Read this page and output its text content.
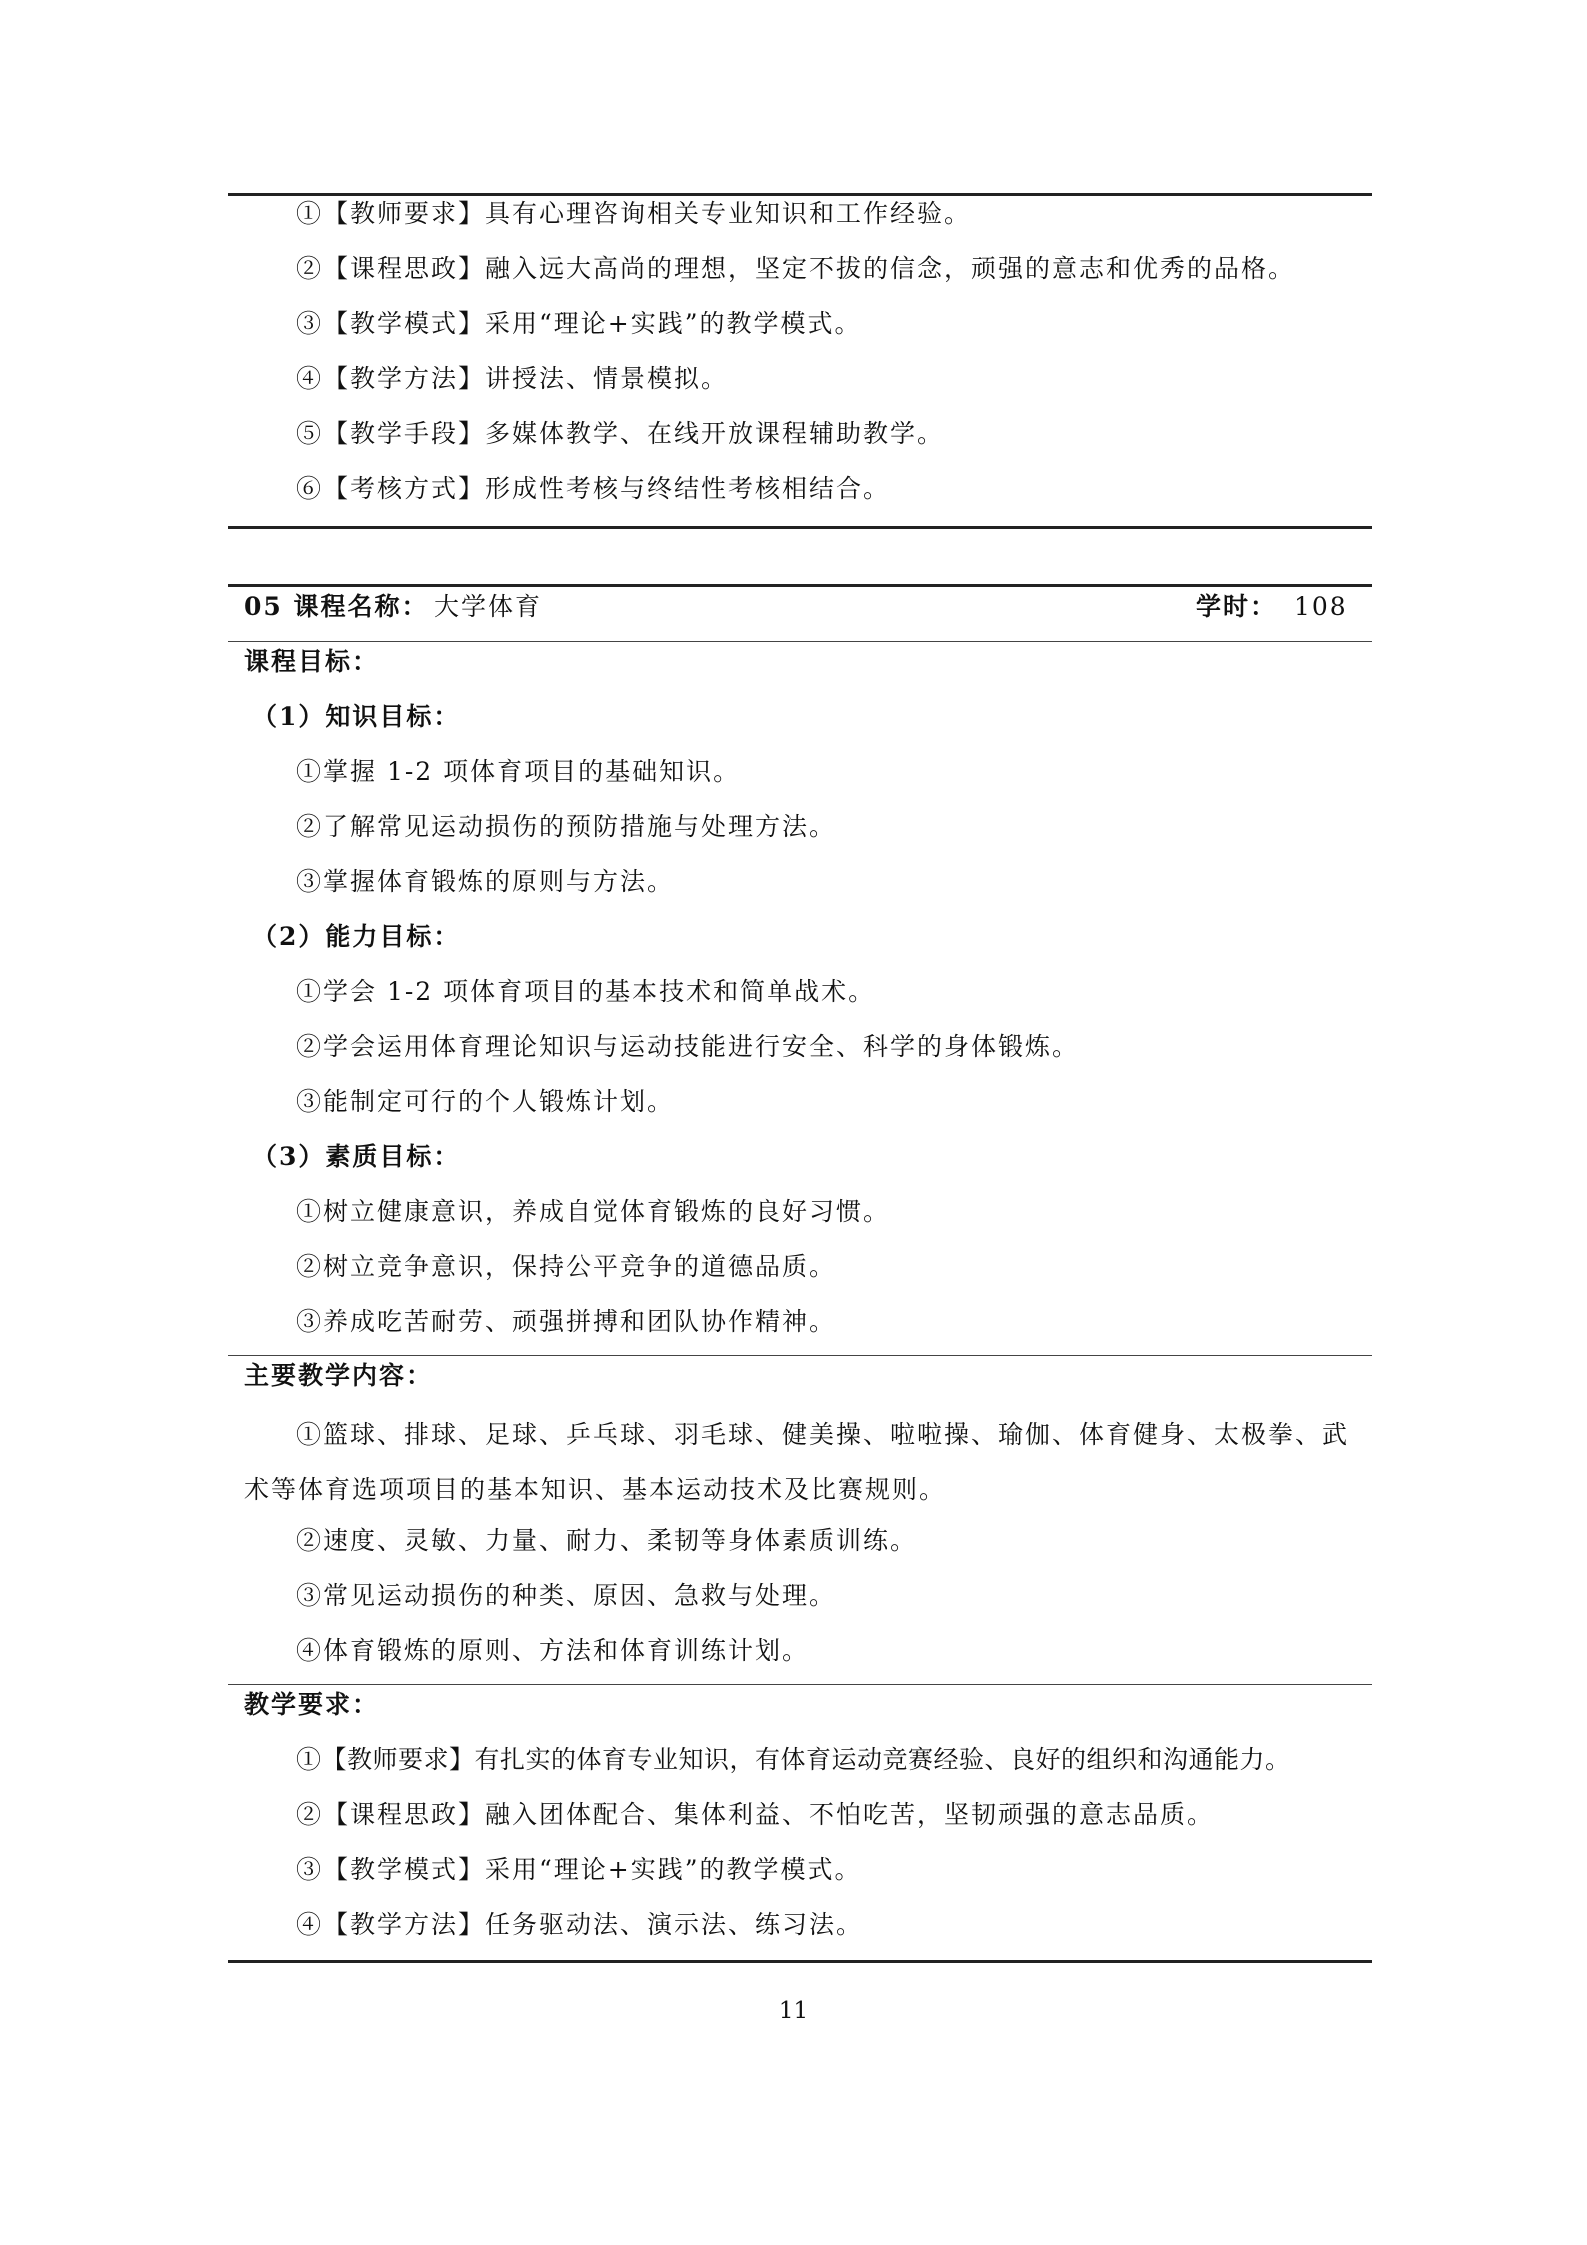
①【教师要求】具有心理咨询相关专业知识和工作经验。
②【课程思政】融入远大高尚的理想，坚定不拔的信念，顽强的意志和优秀的品格。
③【教学模式】采用“理论+实践”的教学模式。
④【教学方法】讲授法、情景模拟。
⑤【教学手段】多媒体教学、在线开放课程辅助教学。
⑥【考核方式】形成性考核与终结性考核相结合。
05 课程名称： 大学体育	学时： 108
课程目标：
（1）知识目标：
①掌握 1-2 项体育项目的基础知识。
②了解常见运动损伤的预防措施与处理方法。
③掌握体育锻炼的原则与方法。
（2）能力目标：
①学会 1-2 项体育项目的基本技术和简单战术。
②学会运用体育理论知识与运动技能进行安全、科学的身体锻炼。
③能制定可行的个人锻炼计划。
（3）素质目标：
①树立健康意识，养成自觉体育锻炼的良好习惯。
②树立竞争意识，保持公平竞争的道德品质。
③养成吃苦耐劳、顽强拼搏和团队协作精神。
主要教学内容：
①篮球、排球、足球、乒乓球、羽毛球、健美操、啦啦操、瑜伽、体育健身、太极拳、武术等体育选项项目的基本知识、基本运动技术及比赛规则。
②速度、灵敏、力量、耐力、柔韧等身体素质训练。
③常见运动损伤的种类、原因、急救与处理。
④体育锻炼的原则、方法和体育训练计划。
教学要求：
①【教师要求】有扎实的体育专业知识，有体育运动竞赛经验、良好的组织和沟通能力。
②【课程思政】融入团体配合、集体利益、不怕吃苦，坚韧顽强的意志品质。
③【教学模式】采用“理论+实践”的教学模式。
④【教学方法】任务驱动法、演示法、练习法。
11
